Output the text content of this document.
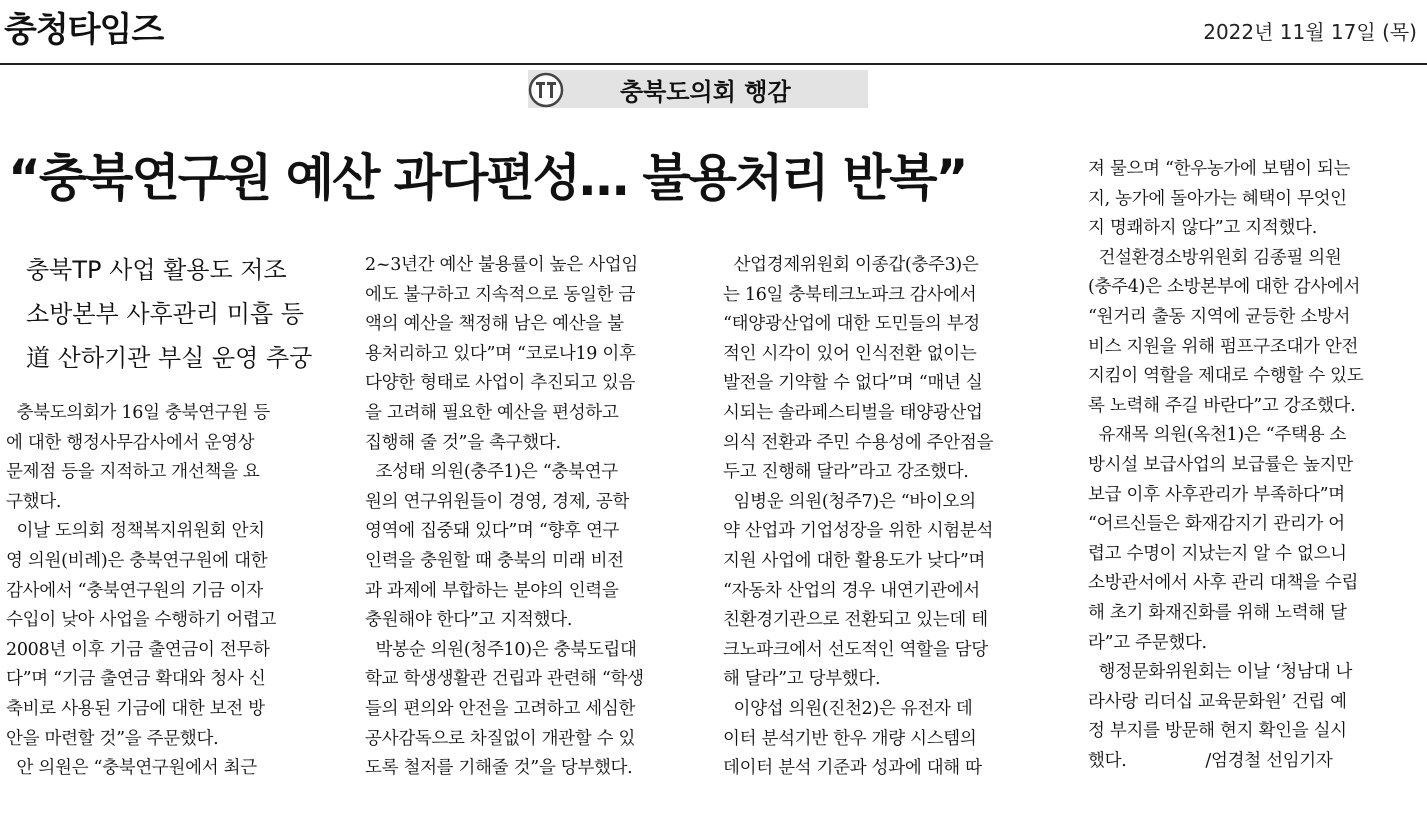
충청타임즈	2022년 11월 17일 (목)
충북도의회 행감
“충북연구원 예산 과다편성… 불용처리 반복”
충북TP 사업 활용도 저조
소방본부 사후관리 미흡 등
道 산하기관 부실 운영 추궁
충북도의회가 16일 충북연구원 등
에 대한 행정사무감사에서 운영상
문제점 등을 지적하고 개선책을 요
구했다.
이날 도의회 정책복지위원회 안치
영 의원(비례)은 충북연구원에 대한
감사에서 “충북연구원의 기금 이자
수입이 낮아 사업을 수행하기 어렵고
2008년 이후 기금 출연금이 전무하
다”며 “기금 출연금 확대와 청사 신
축비로 사용된 기금에 대한 보전 방
안을 마련할 것”을 주문했다.
안 의원은 “충북연구원에서 최근
2~3년간 예산 불용률이 높은 사업임
에도 불구하고 지속적으로 동일한 금
액의 예산을 책정해 남은 예산을 불
용처리하고 있다”며 “코로나19 이후
다양한 형태로 사업이 추진되고 있음
을 고려해 필요한 예산을 편성하고
집행해 줄 것”을 촉구했다.
조성태 의원(충주1)은 “충북연구
원의 연구위원들이 경영, 경제, 공학
영역에 집중돼 있다”며 “향후 연구
인력을 충원할 때 충북의 미래 비전
과 과제에 부합하는 분야의 인력을
충원해야 한다”고 지적했다.
박봉순 의원(청주10)은 충북도립대
학교 학생생활관 건립과 관련해 “학생
들의 편의와 안전을 고려하고 세심한
공사감독으로 차질없이 개관할 수 있
도록 철저를 기해줄 것”을 당부했다.
산업경제위원회 이종갑(충주3)은
는 16일 충북테크노파크 감사에서
“태양광산업에 대한 도민들의 부정
적인 시각이 있어 인식전환 없이는
발전을 기약할 수 없다”며 “매년 실
시되는 솔라페스티벌을 태양광산업
의식 전환과 주민 수용성에 주안점을
두고 진행해 달라”라고 강조했다.
임병운 의원(청주7)은 “바이오의
약 산업과 기업성장을 위한 시험분석
지원 사업에 대한 활용도가 낮다”며
“자동차 산업의 경우 내연기관에서
친환경기관으로 전환되고 있는데 테
크노파크에서 선도적인 역할을 담당
해 달라”고 당부했다.
이양섭 의원(진천2)은 유전자 데
이터 분석기반 한우 개량 시스템의
데이터 분석 기준과 성과에 대해 따
져 물으며 “한우농가에 보탬이 되는
지, 농가에 돌아가는 혜택이 무엇인
지 명쾌하지 않다”고 지적했다.
건설환경소방위원회 김종필 의원
(충주4)은 소방본부에 대한 감사에서
“원거리 출동 지역에 균등한 소방서
비스 지원을 위해 펌프구조대가 안전
지킴이 역할을 제대로 수행할 수 있도
록 노력해 주길 바란다”고 강조했다.
유재목 의원(옥천1)은 “주택용 소
방시설 보급사업의 보급률은 높지만
보급 이후 사후관리가 부족하다”며
“어르신들은 화재감지기 관리가 어
렵고 수명이 지났는지 알 수 없으니
소방관서에서 사후 관리 대책을 수립
해 초기 화재진화를 위해 노력해 달
라”고 주문했다.
행정문화위원회는 이날 ‘청남대 나
라사랑 리더십 교육문화원’ 건립 예
정 부지를 방문해 현지 확인을 실시
했다.               /엄경철 선임기자
